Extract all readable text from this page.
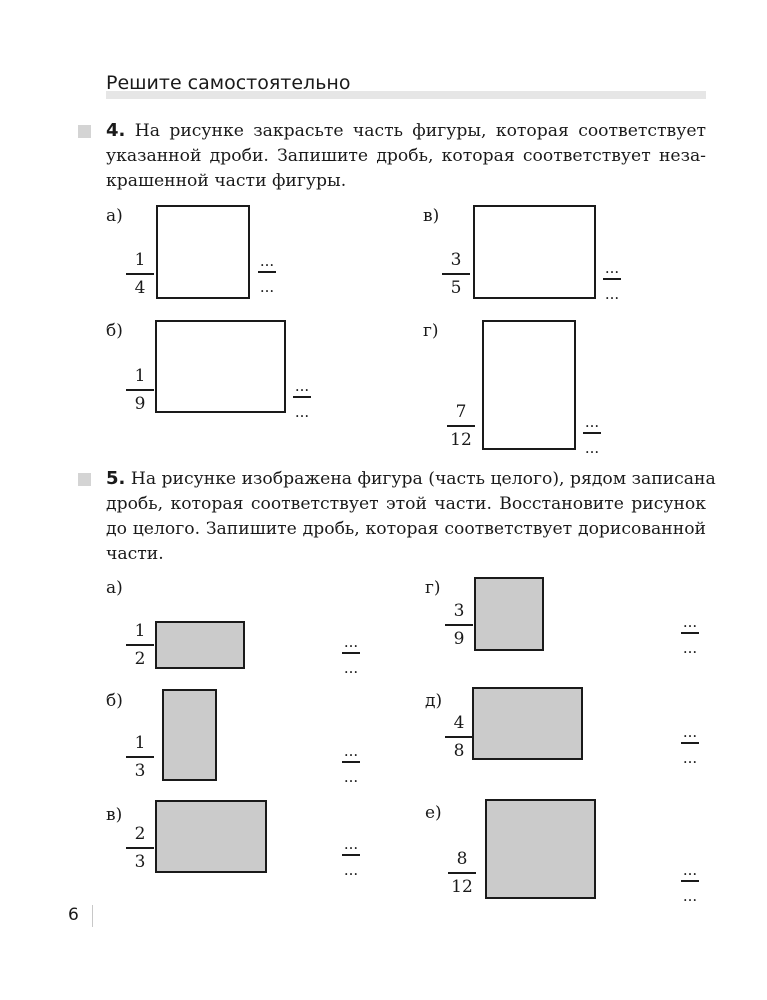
Решите самостоятельно

4. На рисунке закрасьте часть фигуры, которая соответствует
указанной дроби. Запишите дробь, которая соответствует неза-
крашенной части фигуры.

а)
1
4
...
...
б)
1
9
...
...
в)
3
5
...
...
г)
7
12
...
...

5. На рисунке изображена фигура (часть целого), рядом записана
дробь, которая соответствует этой части. Восстановите рисунок
до целого. Запишите дробь, которая соответствует дорисованной
части.

а)
1
2
...
...
б)
1
3
...
...
в)
2
3
...
...
г)
3
9
...
...
д)
4
8
...
...
е)
8
12
...
...
6
